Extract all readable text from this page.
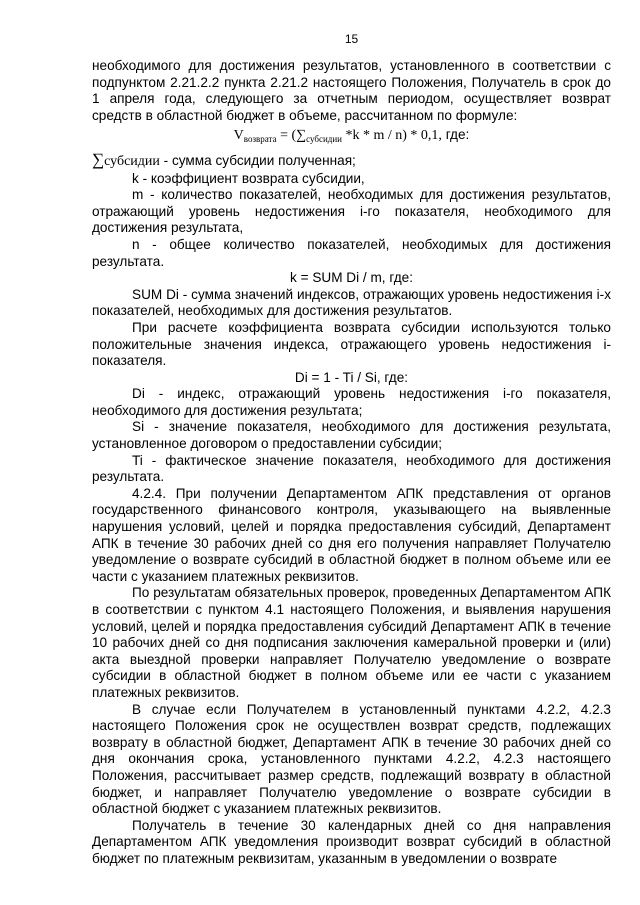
15

необходимого для достижения результатов, установленного в соответствии с подпунктом 2.21.2.2 пункта 2.21.2 настоящего Положения, Получатель в срок до 1 апреля года, следующего за отчетным периодом, осуществляет возврат средств в областной бюджет в объеме, рассчитанном по формуле:

$V_{возврата} = (\sum_{субсидии}$ *k * m / n) * 0,1, где:

∑субсидии - сумма субсидии полученная;

k - коэффициент возврата субсидии,

m - количество показателей, необходимых для достижения результатов, отражающий уровень недостижения i-го показателя, необходимого для достижения результата,

n - общее количество показателей, необходимых для достижения результата.

k = SUM Di / m, где:

SUM Di - сумма значений индексов, отражающих уровень недостижения i-х показателей, необходимых для достижения результатов.

При расчете коэффициента возврата субсидии используются только положительные значения индекса, отражающего уровень недостижения i-показателя.

Di = 1 - Ti / Si, где:

Di - индекс, отражающий уровень недостижения i-го показателя, необходимого для достижения результата;

Si - значение показателя, необходимого для достижения результата, установленное договором о предоставлении субсидии;

Ti - фактическое значение показателя, необходимого для достижения результата.

4.2.4. При получении Департаментом АПК представления от органов государственного финансового контроля, указывающего на выявленные нарушения условий, целей и порядка предоставления субсидий, Департамент АПК в течение 30 рабочих дней со дня его получения направляет Получателю уведомление о возврате субсидий в областной бюджет в полном объеме или ее части с указанием платежных реквизитов.

По результатам обязательных проверок, проведенных Департаментом АПК в соответствии с пунктом 4.1 настоящего Положения, и выявления нарушения условий, целей и порядка предоставления субсидий Департамент АПК в течение 10 рабочих дней со дня подписания заключения камеральной проверки и (или) акта выездной проверки направляет Получателю уведомление о возврате субсидии в областной бюджет в полном объеме или ее части с указанием платежных реквизитов.

В случае если Получателем в установленный пунктами 4.2.2, 4.2.3 настоящего Положения срок не осуществлен возврат средств, подлежащих возврату в областной бюджет, Департамент АПК в течение 30 рабочих дней со дня окончания срока, установленного пунктами 4.2.2, 4.2.3 настоящего Положения, рассчитывает размер средств, подлежащий возврату в областной бюджет, и направляет Получателю уведомление о возврате субсидии в областной бюджет с указанием платежных реквизитов.

Получатель в течение 30 календарных дней со дня направления Департаментом АПК уведомления производит возврат субсидий в областной бюджет по платежным реквизитам, указанным в уведомлении о возврате
